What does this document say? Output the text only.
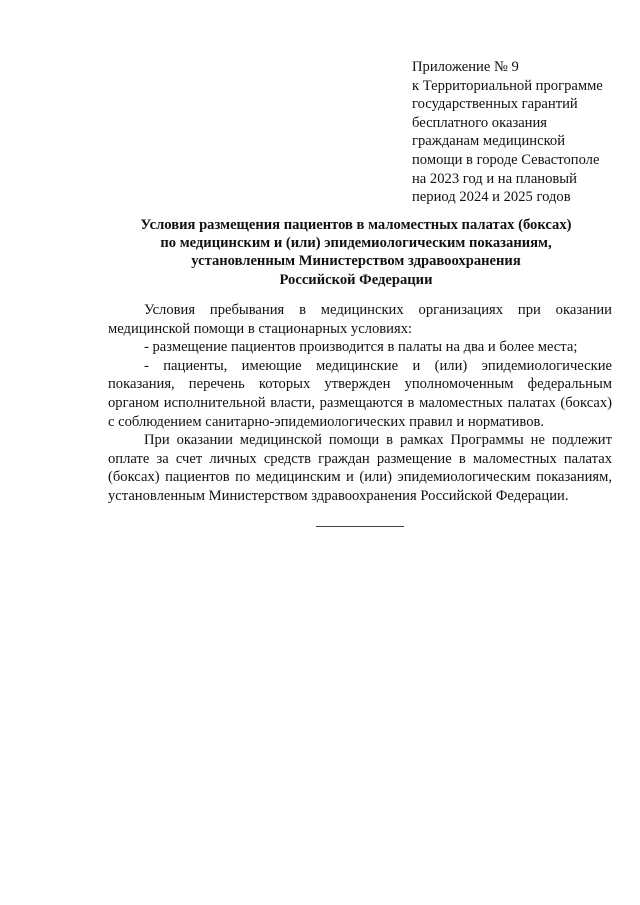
Приложение № 9
к Территориальной программе
государственных гарантий
бесплатного оказания
гражданам медицинской
помощи в городе Севастополе
на 2023 год и на плановый
период 2024 и 2025 годов
Условия размещения пациентов в маломестных палатах (боксах)
по медицинским и (или) эпидемиологическим показаниям,
установленным Министерством здравоохранения
Российской Федерации

Условия пребывания в медицинских организациях при оказании медицинской помощи в стационарных условиях:

- размещение пациентов производится в палаты на два и более места;

- пациенты, имеющие медицинские и (или) эпидемиологические показания, перечень которых утвержден уполномоченным федеральным органом исполнительной власти, размещаются в маломестных палатах (боксах) с соблюдением санитарно-эпидемиологических правил и нормативов.

При оказании медицинской помощи в рамках Программы не подлежит оплате за счет личных средств граждан размещение в маломестных палатах (боксах) пациентов по медицинским и (или) эпидемиологическим показаниям, установленным Министерством здравоохранения Российской Федерации.
